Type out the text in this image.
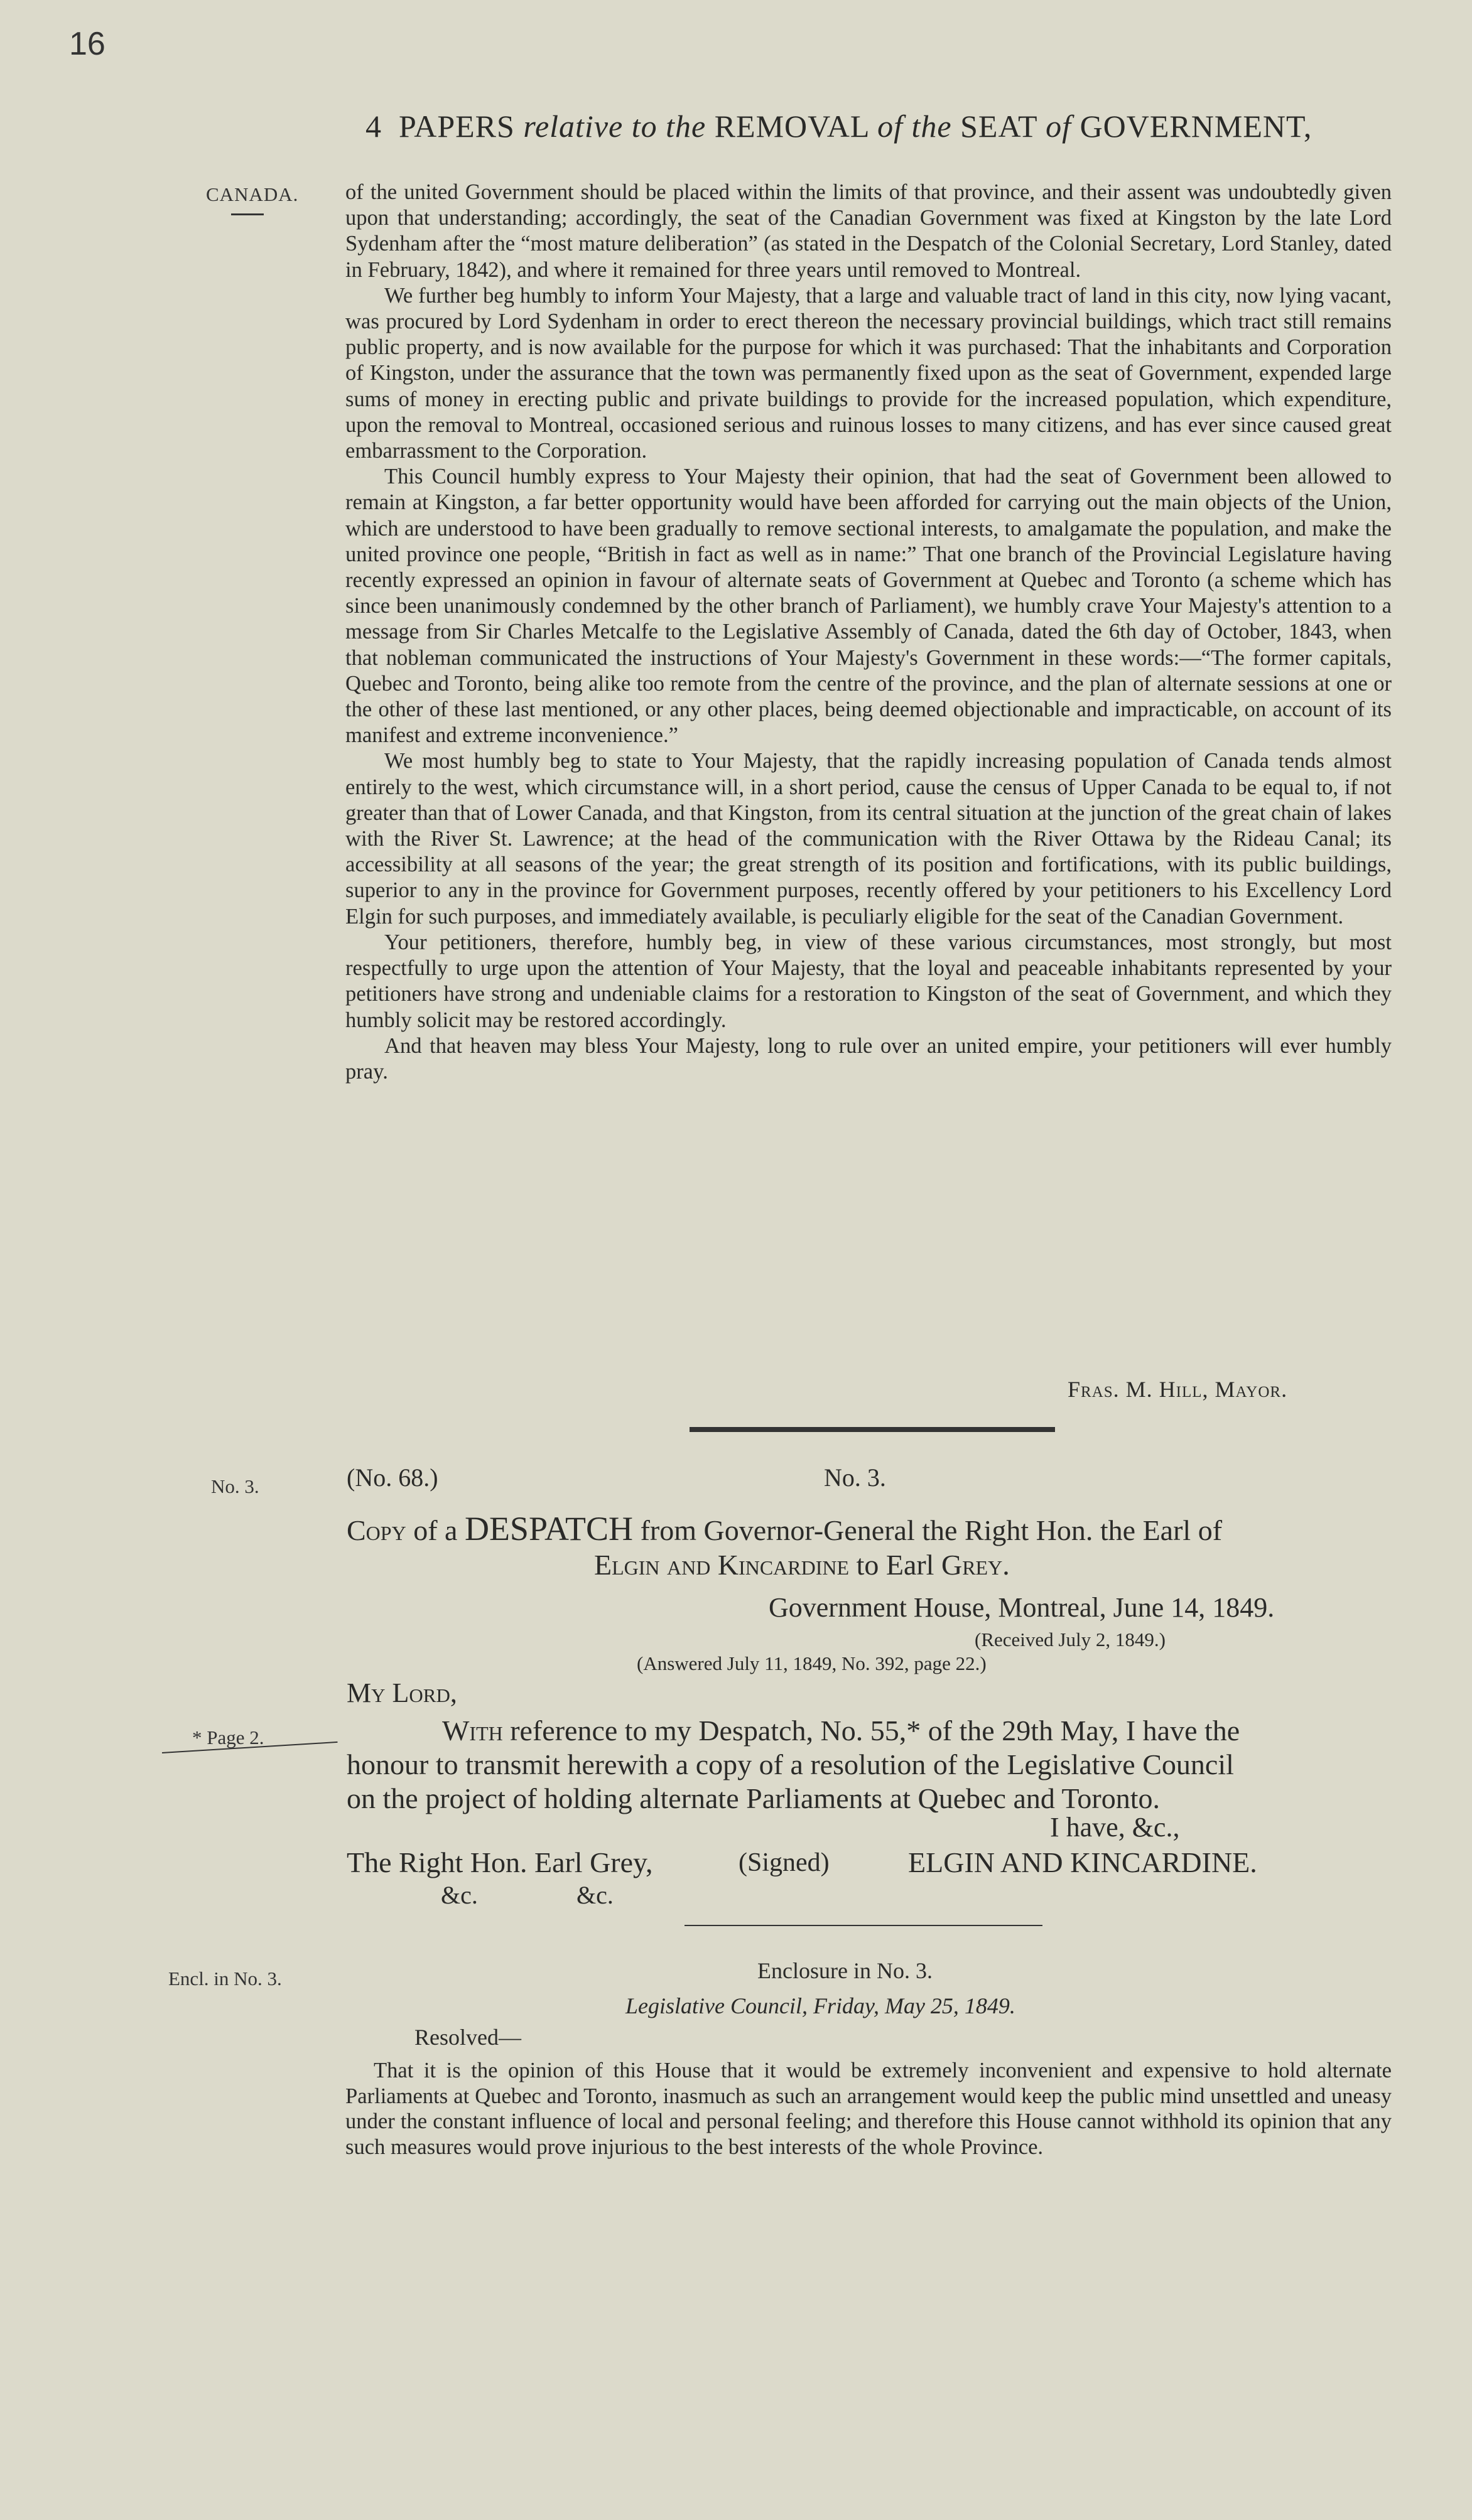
16
4 PAPERS relative to the REMOVAL of the SEAT of GOVERNMENT,
CANADA. of the united Government should be placed within the limits of that province, and their assent was undoubtedly given upon that understanding; accordingly, the seat of the Canadian Government was fixed at Kingston by the late Lord Sydenham after the “most mature deliberation” (as stated in the Despatch of the Colonial Secretary, Lord Stanley, dated in February, 1842), and where it remained for three years until removed to Montreal.

We further beg humbly to inform Your Majesty, that a large and valuable tract of land in this city, now lying vacant, was procured by Lord Sydenham in order to erect thereon the necessary provincial buildings, which tract still remains public property, and is now available for the purpose for which it was purchased: That the inhabitants and Corporation of Kingston, under the assurance that the town was permanently fixed upon as the seat of Government, expended large sums of money in erecting public and private buildings to provide for the increased population, which expenditure, upon the removal to Montreal, occasioned serious and ruinous losses to many citizens, and has ever since caused great embarrassment to the Corporation.

This Council humbly express to Your Majesty their opinion, that had the seat of Government been allowed to remain at Kingston, a far better opportunity would have been afforded for carrying out the main objects of the Union, which are understood to have been gradually to remove sectional interests, to amalgamate the population, and make the united province one people, “British in fact as well as in name:” That one branch of the Provincial Legislature having recently expressed an opinion in favour of alternate seats of Government at Quebec and Toronto (a scheme which has since been unanimously condemned by the other branch of Parliament), we humbly crave Your Majesty's attention to a message from Sir Charles Metcalfe to the Legislative Assembly of Canada, dated the 6th day of October, 1843, when that nobleman communicated the instructions of Your Majesty's Government in these words:—“The former capitals, Quebec and Toronto, being alike too remote from the centre of the province, and the plan of alternate sessions at one or the other of these last mentioned, or any other places, being deemed objectionable and impracticable, on account of its manifest and extreme inconvenience.”

We most humbly beg to state to Your Majesty, that the rapidly increasing population of Canada tends almost entirely to the west, which circumstance will, in a short period, cause the census of Upper Canada to be equal to, if not greater than that of Lower Canada, and that Kingston, from its central situation at the junction of the great chain of lakes with the River St. Lawrence; at the head of the communication with the River Ottawa by the Rideau Canal; its accessibility at all seasons of the year; the great strength of its position and fortifications, with its public buildings, superior to any in the province for Government purposes, recently offered by your petitioners to his Excellency Lord Elgin for such purposes, and immediately available, is peculiarly eligible for the seat of the Canadian Government.

Your petitioners, therefore, humbly beg, in view of these various circumstances, most strongly, but most respectfully to urge upon the attention of Your Majesty, that the loyal and peaceable inhabitants represented by your petitioners have strong and undeniable claims for a restoration to Kingston of the seat of Government, and which they humbly solicit may be restored accordingly.

And that heaven may bless Your Majesty, long to rule over an united empire, your petitioners will ever humbly pray.

Fras. M. Hill, Mayor.
No. 3.	(No. 68.)	No. 3.
Copy of a DESPATCH from Governor-General the Right Hon. the Earl of
Elgin and Kincardine to Earl Grey.
Government House, Montreal, June 14, 1849.
(Received July 2, 1849.)
(Answered July 11, 1849, No. 392, page 22.)
My Lord,
* Page 2.	With reference to my Despatch, No. 55,* of the 29th May, I have the
honour to transmit herewith a copy of a resolution of the Legislative Council
on the project of holding alternate Parliaments at Quebec and Toronto.
I have, &c.,
The Right Hon. Earl Grey,	(Signed)	ELGIN AND KINCARDINE.
&c.	&c.
Encl. in No. 3.	Enclosure in No. 3.
Legislative Council, Friday, May 25, 1849.
Resolved—

That it is the opinion of this House that it would be extremely inconvenient and expensive to hold alternate Parliaments at Quebec and Toronto, inasmuch as such an arrangement would keep the public mind unsettled and uneasy under the constant influence of local and personal feeling; and therefore this House cannot withhold its opinion that any such measures would prove injurious to the best interests of the whole Province.
